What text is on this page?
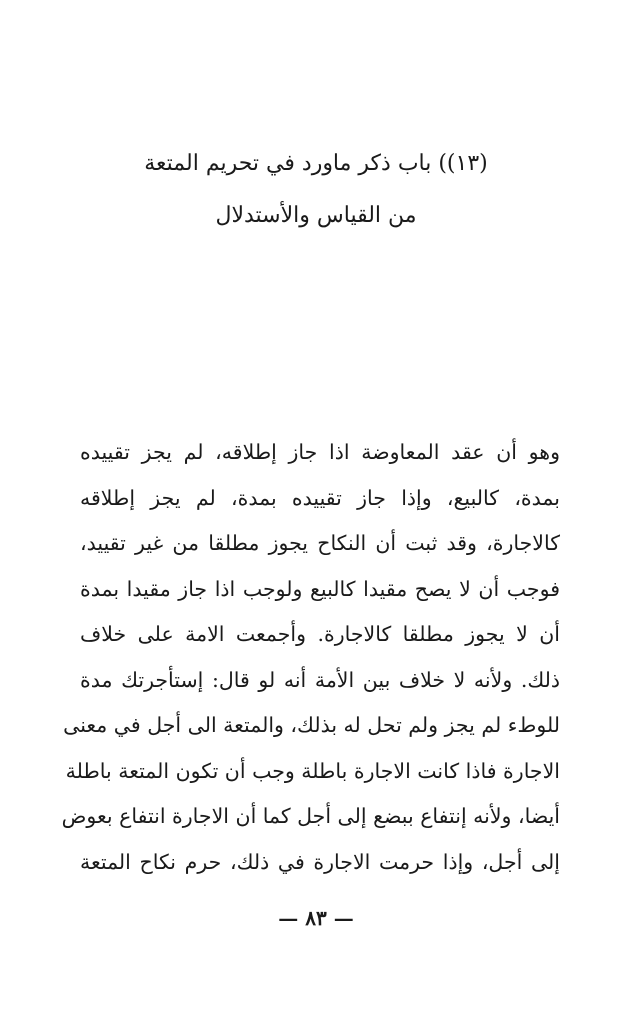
(١٣)) باب ذكر ماورد في تحريم المتعة
من القياس والأستدلال
وهو أن عقد المعاوضة اذا جاز إطلاقه، لم يجز تقييده
بمدة، كالبيع، وإذا جاز تقييده بمدة، لم يجز إطلاقه
كالاجارة، وقد ثبت أن النكاح يجوز مطلقا من غير تقييد،
فوجب أن لا يصح مقيدا كالبيع ولوجب اذا جاز مقيدا بمدة
أن لا يجوز مطلقا كالاجارة. وأجمعت الامة على خلاف
ذلك. ولأنه لا خلاف بين الأمة أنه لو قال: إستأجرتك مدة
للوطء لم يجز ولم تحل له بذلك، والمتعة الى أجل في معنى
الاجارة فاذا كانت الاجارة باطلة وجب أن تكون المتعة باطلة
أيضا، ولأنه إنتفاع ببضع إلى أجل كما أن الاجارة انتفاع بعوض
إلى أجل، وإذا حرمت الاجارة في ذلك، حرم نكاح المتعة
— ٨٣ —
